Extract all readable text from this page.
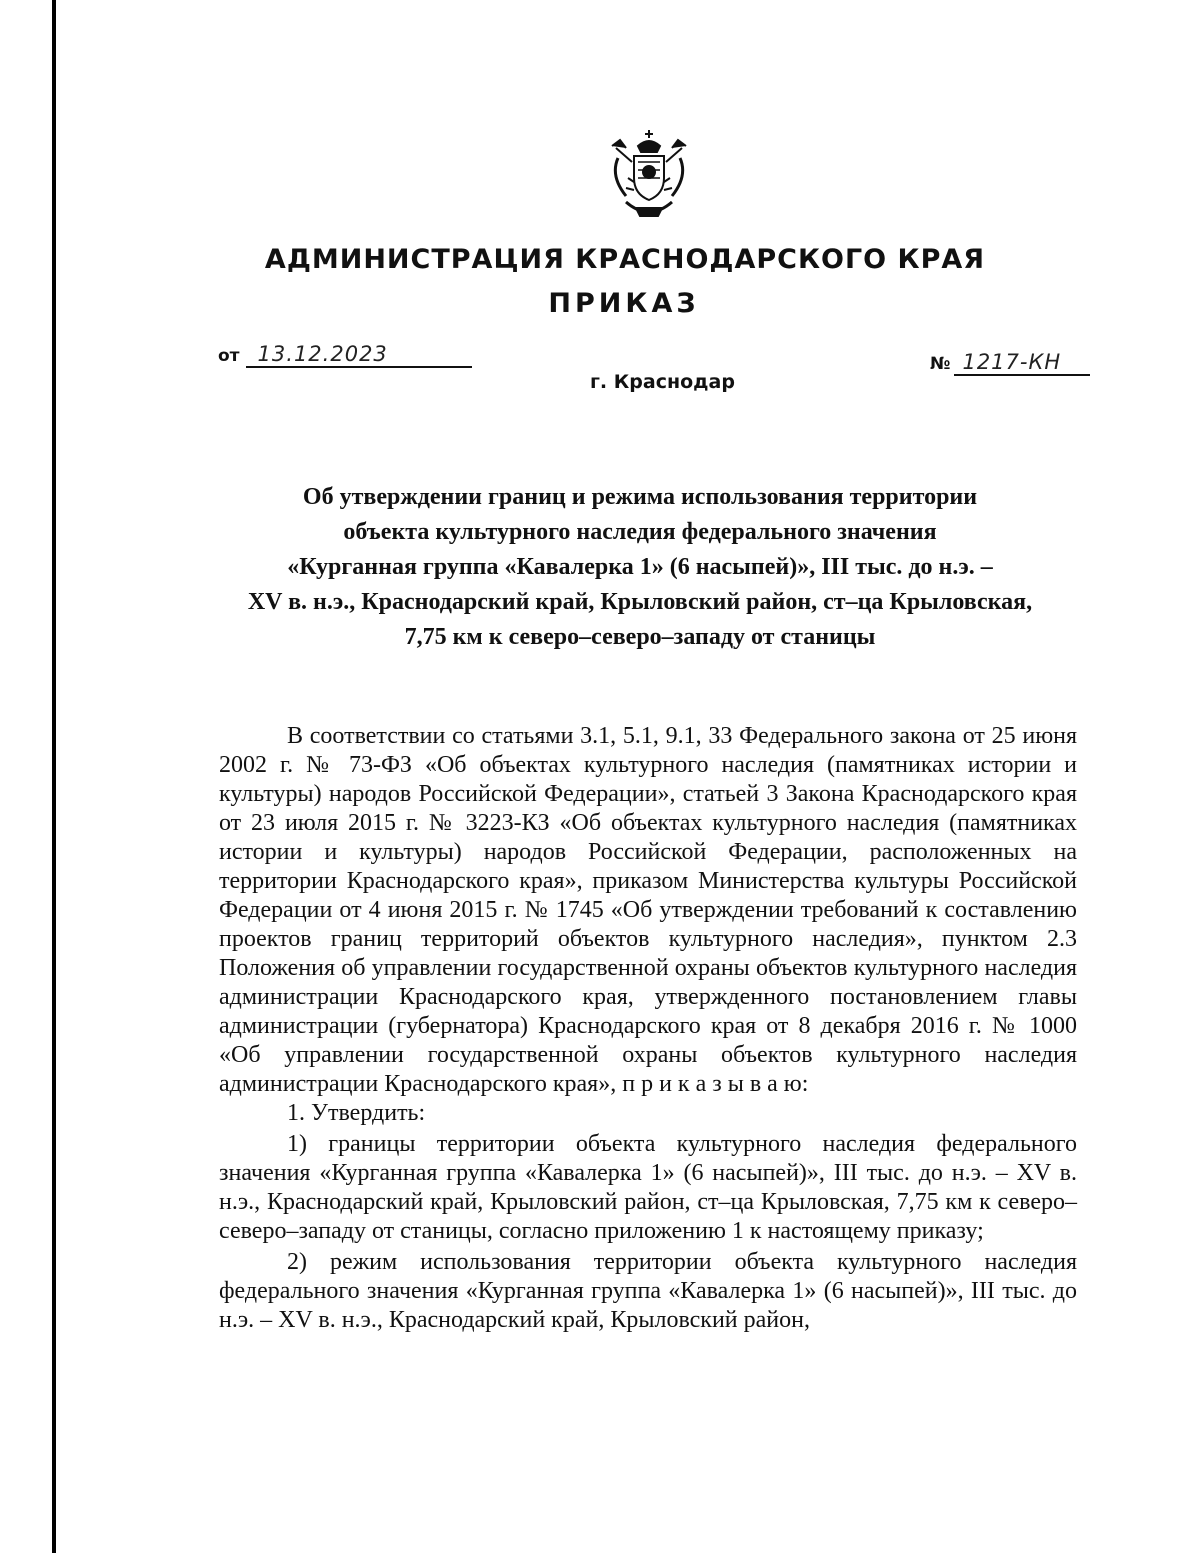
АДМИНИСТРАЦИЯ КРАСНОДАРСКОГО КРАЯ
ПРИКАЗ
от 13.12.2023	№ 1217-КН
г. Краснодар
Об утверждении границ и режима использования территории
объекта культурного наследия федерального значения
«Курганная группа «Кавалерка 1» (6 насыпей)», III тыс. до н.э. –
XV в. н.э., Краснодарский край, Крыловский район, ст–ца Крыловская,
7,75 км к северо–северо–западу от станицы

В соответствии со статьями 3.1, 5.1, 9.1, 33 Федерального закона от 25 июня 2002 г. № 73-ФЗ «Об объектах культурного наследия (памятниках истории и культуры) народов Российской Федерации», статьей 3 Закона Краснодарского края от 23 июля 2015 г. № 3223-КЗ «Об объектах культурного наследия (памятниках истории и культуры) народов Российской Федерации, расположенных на территории Краснодарского края», приказом Министерства культуры Российской Федерации от 4 июня 2015 г. № 1745 «Об утверждении требований к составлению проектов границ территорий объектов культурного наследия», пунктом 2.3 Положения об управлении государственной охраны объектов культурного наследия администрации Краснодарского края, утвержденного постановлением главы администрации (губернатора) Краснодарского края от 8 декабря 2016 г. № 1000 «Об управлении государственной охраны объектов культурного наследия администрации Краснодарского края», п р и к а з ы в а ю:

1. Утвердить:

1) границы территории объекта культурного наследия федерального значения «Курганная группа «Кавалерка 1» (6 насыпей)», III тыс. до н.э. – XV в. н.э., Краснодарский край, Крыловский район, ст–ца Крыловская, 7,75 км к северо–северо–западу от станицы, согласно приложению 1 к настоящему приказу;

2) режим использования территории объекта культурного наследия федерального значения «Курганная группа «Кавалерка 1» (6 насыпей)», III тыс. до н.э. – XV в. н.э., Краснодарский край, Крыловский район,
